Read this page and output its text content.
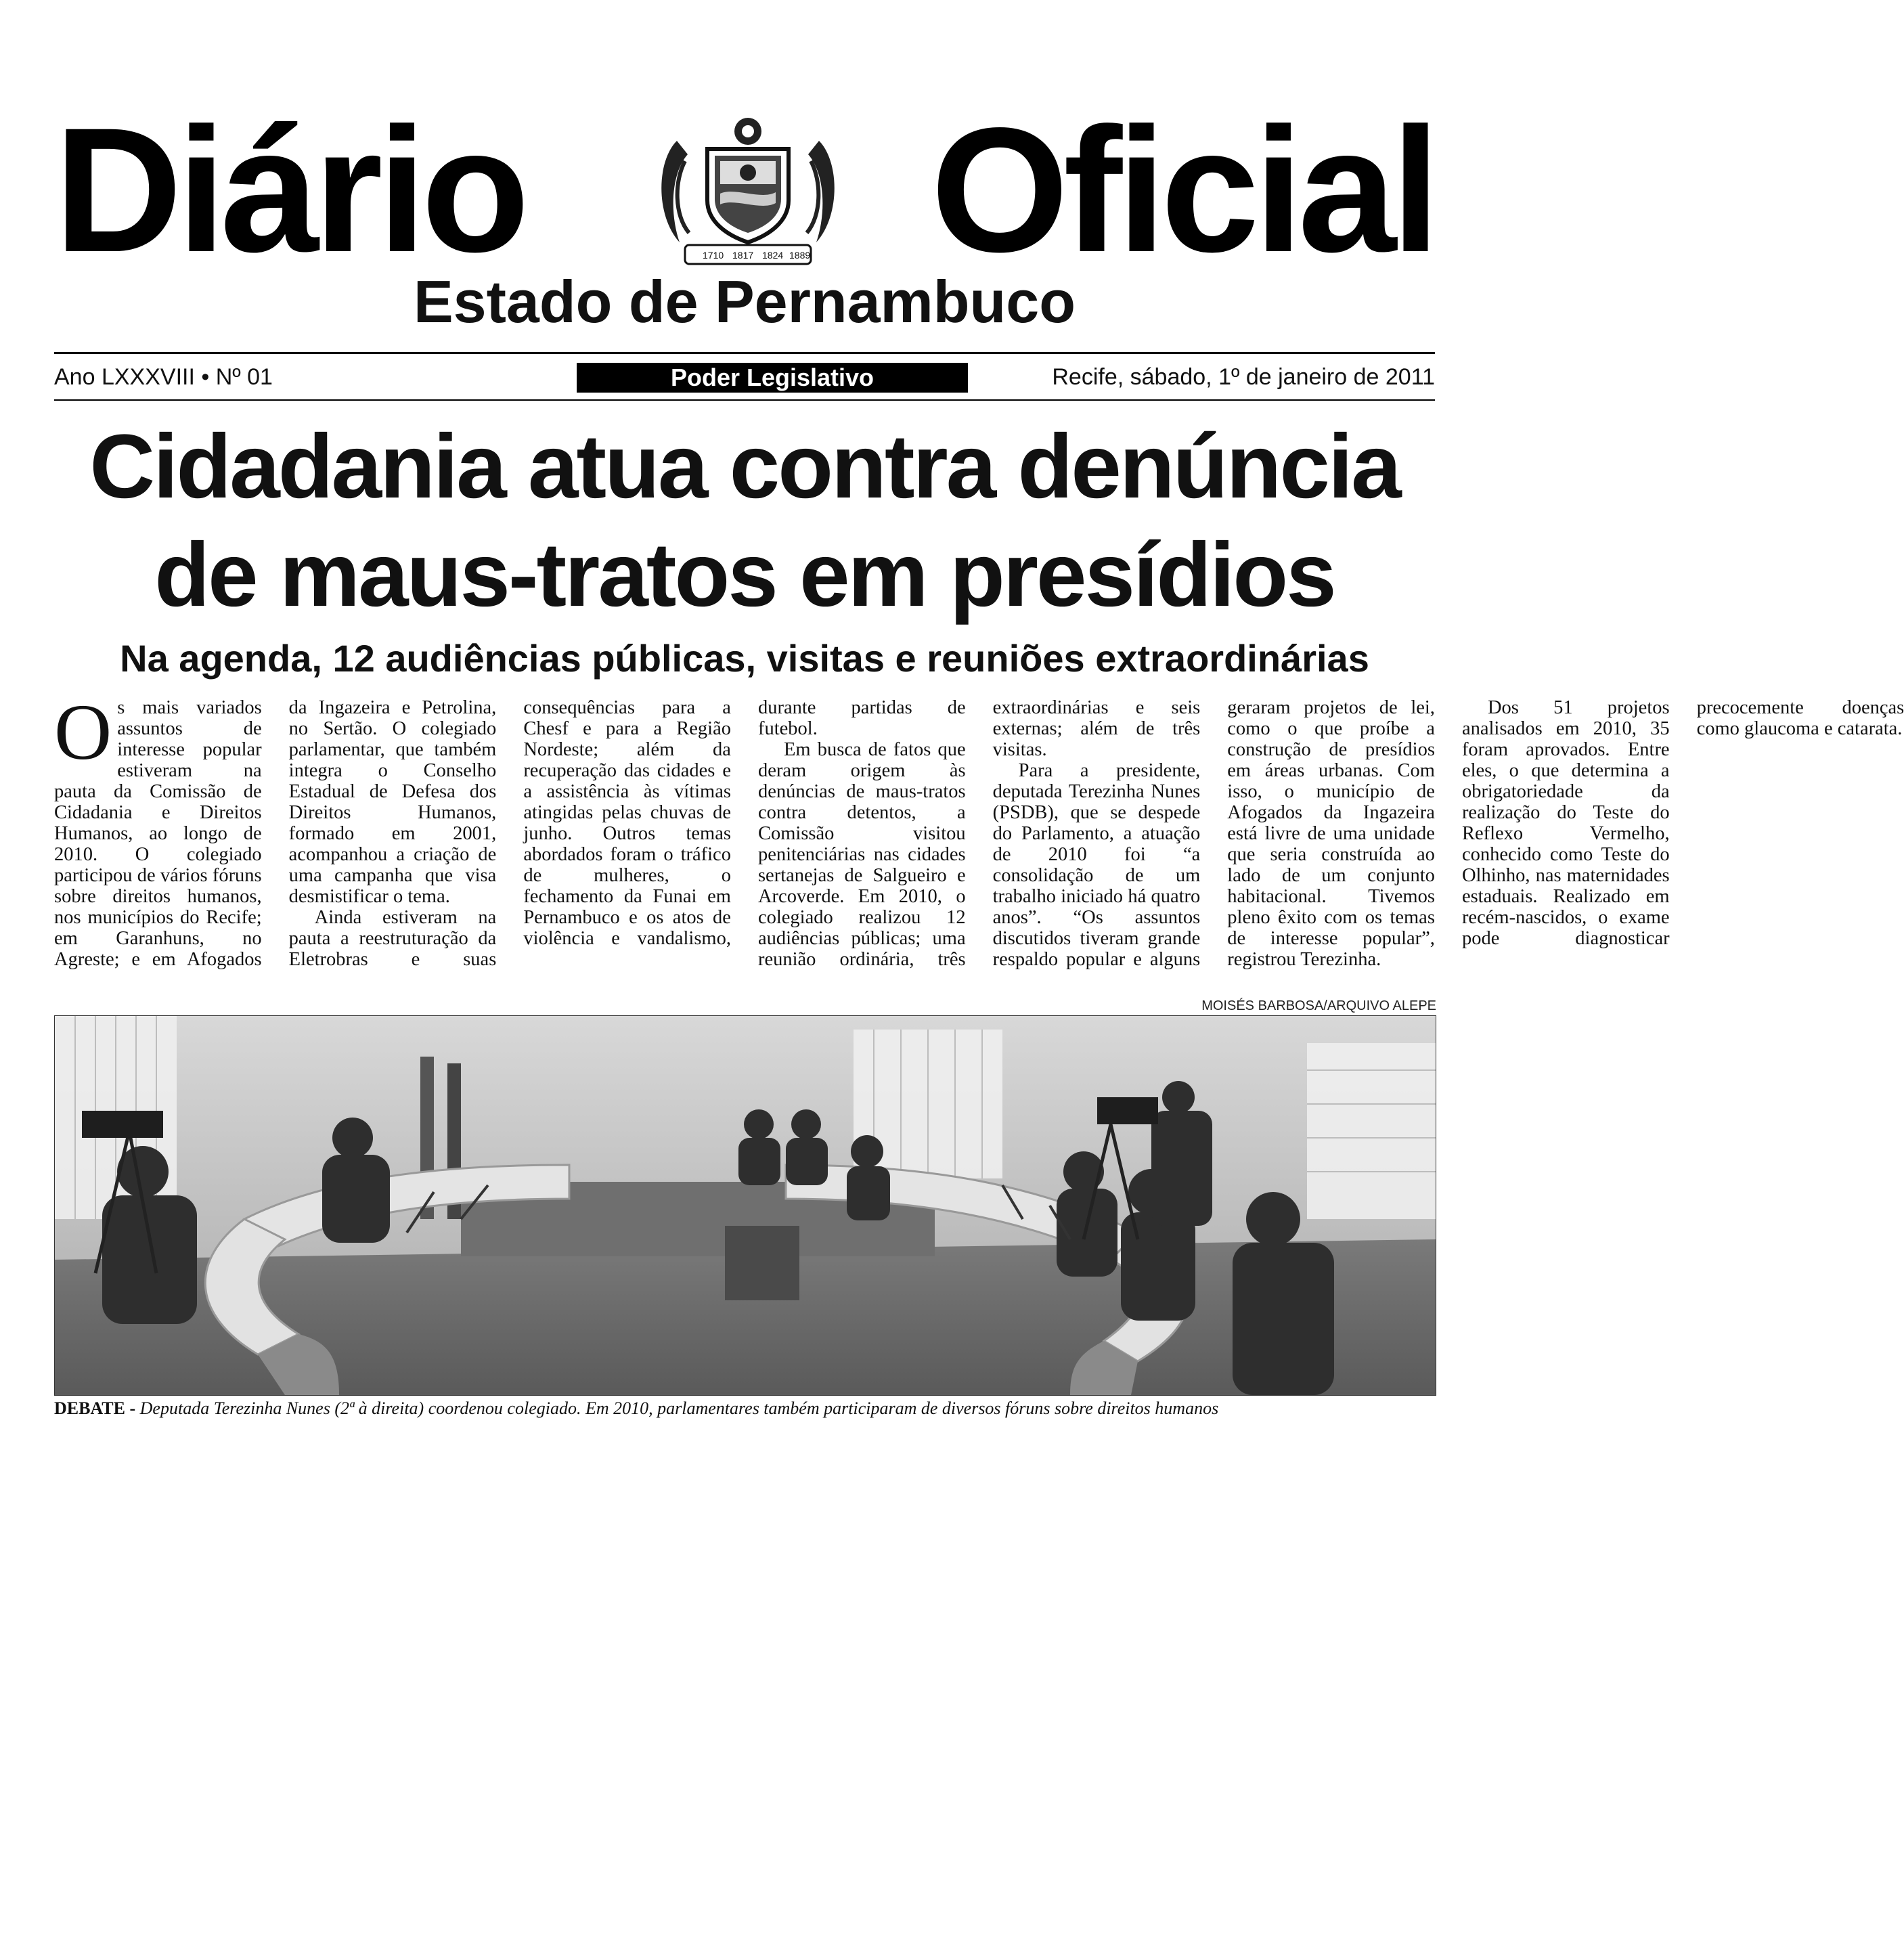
Diário Oficial
1710 1817 1824 1889
Estado de Pernambuco
Ano LXXXVIII • Nº 01	Poder Legislativo	Recife, sábado, 1º de janeiro de 2011
Cidadania atua contra denúncia
de maus-tratos em presídios
Na agenda, 12 audiências públicas, visitas e reuniões extraordinárias

Os mais variados assuntos de interesse popular estiveram na pauta da Comissão de Cidadania e Direitos Humanos, ao longo de 2010. O colegiado participou de vários fóruns sobre direitos humanos, nos municípios do Recife; em Garanhuns, no Agreste; e em Afogados da Ingazeira e Petrolina, no Sertão. O colegiado parlamentar, que também integra o Conselho Estadual de Defesa dos Direitos Humanos, formado em 2001, acompanhou a criação de uma campanha que visa desmistificar o tema.

Ainda estiveram na pauta a reestruturação da Eletrobras e suas consequências para a Chesf e para a Região Nordeste; além da recuperação das cidades e a assistência às vítimas atingidas pelas chuvas de junho. Outros temas abordados foram o tráfico de mulheres, o fechamento da Funai em Pernambuco e os atos de violência e vandalismo, durante partidas de futebol.

Em busca de fatos que deram origem às denúncias de maus-tratos contra detentos, a Comissão visitou penitenciárias nas cidades sertanejas de Salgueiro e Arcoverde. Em 2010, o colegiado realizou 12 audiências públicas; uma reunião ordinária, três extraordinárias e seis externas; além de três visitas.

Para a presidente, deputada Terezinha Nunes (PSDB), que se despede do Parlamento, a atuação de 2010 foi “a consolidação de um trabalho iniciado há quatro anos”. “Os assuntos discutidos tiveram grande respaldo popular e alguns geraram projetos de lei, como o que proíbe a construção de presídios em áreas urbanas. Com isso, o município de Afogados da Ingazeira está livre de uma unidade que seria construída ao lado de um conjunto habitacional. Tivemos pleno êxito com os temas de interesse popular”, registrou Terezinha.

Dos 51 projetos analisados em 2010, 35 foram aprovados. Entre eles, o que determina a obrigatoriedade da realização do Teste do Reflexo Vermelho, conhecido como Teste do Olhinho, nas maternidades estaduais. Realizado em recém-nascidos, o exame pode diagnosticar precocemente doenças como glaucoma e catarata.

MOISÉS BARBOSA/ARQUIVO ALEPE
DEBATE - Deputada Terezinha Nunes (2ª à direita) coordenou colegiado. Em 2010, parlamentares também participaram de diversos fóruns sobre direitos humanos
